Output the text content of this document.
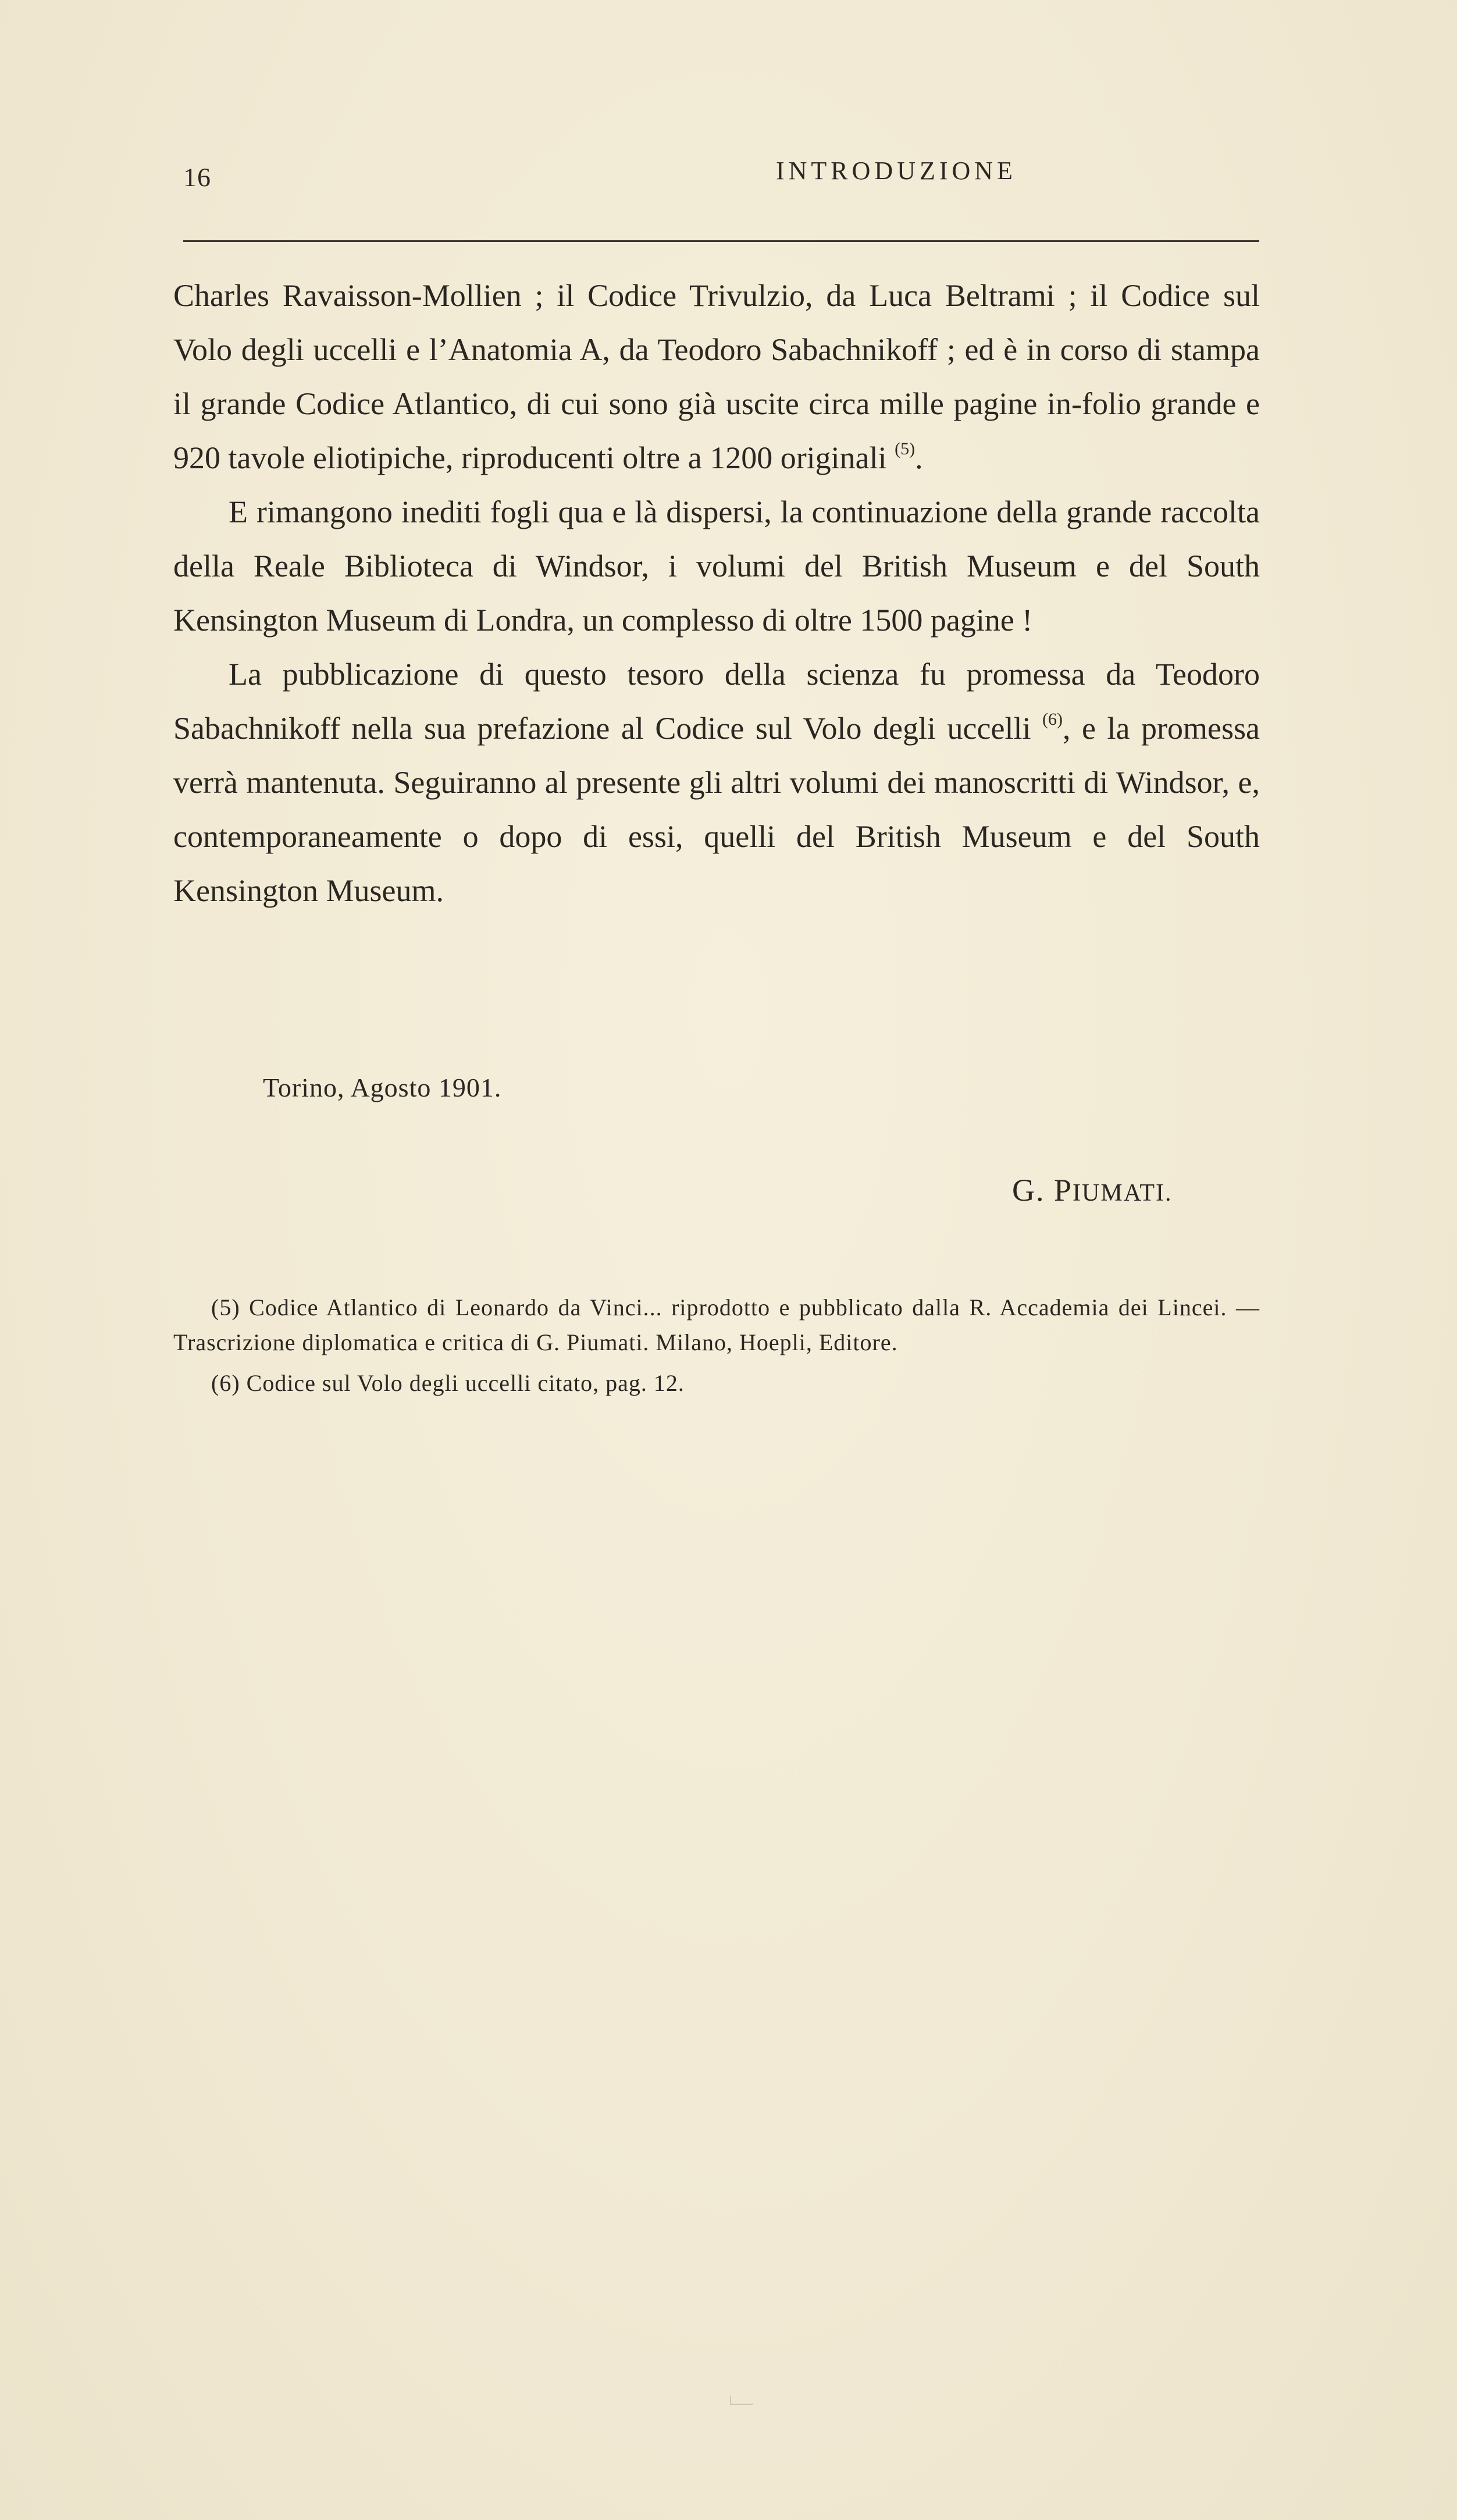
16	INTRODUZIONE

Charles Ravaisson-Mollien ; il Codice Trivulzio, da Luca Beltrami ; il Codice sul Volo degli uccelli e l’Anatomia A, da Teodoro Sabachnikoff ; ed è in corso di stampa il grande Codice Atlantico, di cui sono già uscite circa mille pagine in-folio grande e 920 tavole eliotipiche, riproducenti oltre a 1200 originali $^{(5)}$.

E rimangono inediti fogli qua e là dispersi, la continuazione della grande raccolta della Reale Biblioteca di Windsor, i volumi del British Museum e del South Kensington Museum di Londra, un complesso di oltre 1500 pagine !

La pubblicazione di questo tesoro della scienza fu promessa da Teodoro Sabachnikoff nella sua prefazione al Codice sul Volo degli uccelli $^{(6)}$, e la promessa verrà mantenuta. Seguiranno al presente gli altri volumi dei manoscritti di Windsor, e, contemporaneamente o dopo di essi, quelli del British Museum e del South Kensington Museum.

Torino, Agosto 1901.
G. PIUMATI.

(5) Codice Atlantico di Leonardo da Vinci... riprodotto e pubblicato dalla R. Accademia dei Lincei. — Trascrizione diplomatica e critica di G. Piumati. Milano, Hoepli, Editore.

(6) Codice sul Volo degli uccelli citato, pag. 12.
